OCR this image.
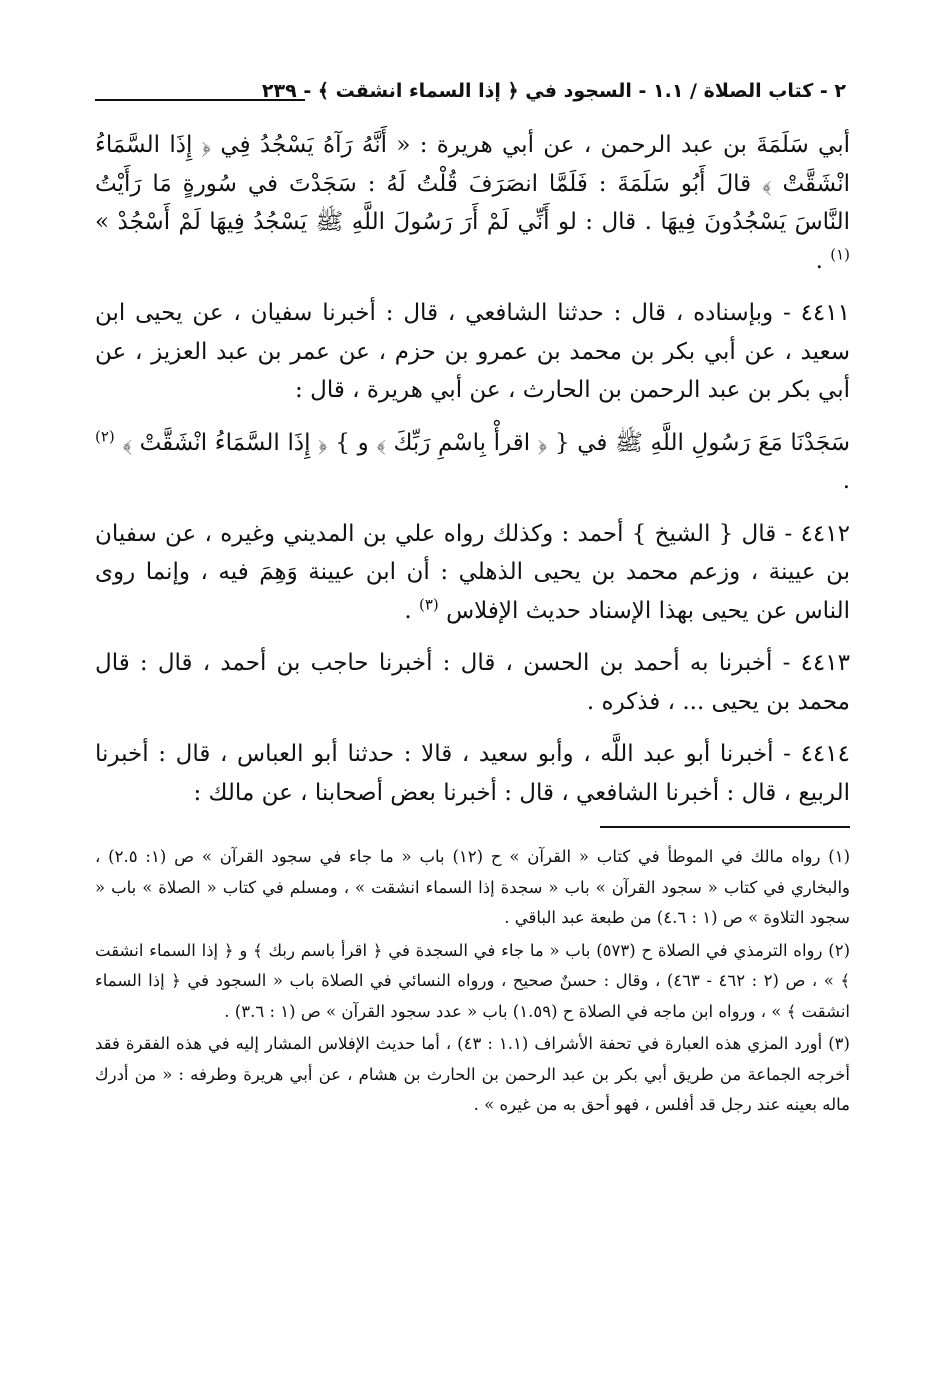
٢ - كتاب الصلاة / ١.١ - السجود في ﴿ إذا السماء انشقت ﴾ - ٢٣٩

أبي سَلَمَةَ بن عبد الرحمن ، عن أبي هريرة : « أَنَّهُ رَآهُ يَسْجُدُ فِي ﴿ إِذَا السَّمَاءُ انْشَقَّتْ ﴾ قالَ أَبُو سَلَمَةَ : فَلَمَّا انصَرَفَ قُلْتُ لَهُ : سَجَدْتَ في سُورةٍ مَا رَأَيْتُ النَّاسَ يَسْجُدُونَ فِيهَا . قال : لو أَنِّي لَمْ أَرَ رَسُولَ اللَّهِ ﷺ يَسْجُدُ فِيهَا لَمْ أَسْجُدْ » $^{(١)}$ .

٤٤١١ - وبإسناده ، قال : حدثنا الشافعي ، قال : أخبرنا سفيان ، عن يحيى ابن سعيد ، عن أبي بكر بن محمد بن عمرو بن حزم ، عن عمر بن عبد العزيز ، عن أبي بكر بن عبد الرحمن بن الحارث ، عن أبي هريرة ، قال :

سَجَدْنَا مَعَ رَسُولِ اللَّهِ ﷺ في { ﴿ اقرأْ بِاسْمِ رَبِّكَ ﴾ و } ﴿ إِذَا السَّمَاءُ انْشَقَّتْ ﴾ $^{(٢)}$ .

٤٤١٢ - قال { الشيخ } أحمد : وكذلك رواه علي بن المديني وغيره ، عن سفيان بن عيينة ، وزعم محمد بن يحيى الذهلي : أن ابن عيينة وَهِمَ فيه ، وإنما روى الناس عن يحيى بهذا الإسناد حديث الإفلاس $^{(٣)}$ .

٤٤١٣ - أخبرنا به أحمد بن الحسن ، قال : أخبرنا حاجب بن أحمد ، قال : قال محمد بن يحيى ... ، فذكره .

٤٤١٤ - أخبرنا أبو عبد اللَّه ، وأبو سعيد ، قالا : حدثنا أبو العباس ، قال : أخبرنا الربيع ، قال : أخبرنا الشافعي ، قال : أخبرنا بعض أصحابنا ، عن مالك :

(١) رواه مالك في الموطأ في كتاب « القرآن » ح (١٢) باب « ما جاء في سجود القرآن » ص (١: ٢.٥) ، والبخاري في كتاب « سجود القرآن » باب « سجدة إذا السماء انشقت » ، ومسلم في كتاب « الصلاة » باب « سجود التلاوة » ص (١ : ٤.٦) من طبعة عبد الباقي .

(٢) رواه الترمذي في الصلاة ح (٥٧٣) باب « ما جاء في السجدة في ﴿ اقرأ باسم ربك ﴾ و ﴿ إذا السماء انشقت ﴾ » ، ص (٢ : ٤٦٢ - ٤٦٣) ، وقال : حسنٌ صحيح ، ورواه النسائي في الصلاة باب « السجود في ﴿ إذا السماء انشقت ﴾ » ، ورواه ابن ماجه في الصلاة ح (١.٥٩) باب « عدد سجود القرآن » ص (١ : ٣.٦) .

(٣) أورد المزي هذه العبارة في تحفة الأشراف (١.١ : ٤٣) ، أما حديث الإفلاس المشار إليه في هذه الفقرة فقد أخرجه الجماعة من طريق أبي بكر بن عبد الرحمن بن الحارث بن هشام ، عن أبي هريرة وطرفه : « من أدرك ماله بعينه عند رجل قد أفلس ، فهو أحق به من غيره » .
